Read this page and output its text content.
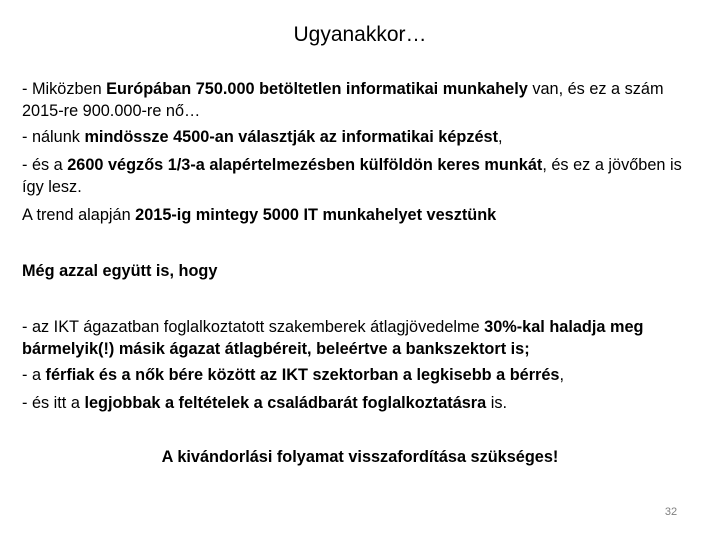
Ugyanakkor…
- Miközben Európában 750.000 betöltetlen informatikai munkahely van, és ez a szám 2015-re 900.000-re nő…
- nálunk mindössze 4500-an választják az informatikai képzést,
- és a 2600 végzős 1/3-a alapértelmezésben külföldön keres munkát, és ez a jövőben is így lesz.
A trend alapján 2015-ig mintegy 5000 IT munkahelyet vesztünk
Még azzal együtt is, hogy
- az IKT ágazatban foglalkoztatott szakemberek átlagjövedelme 30%-kal haladja meg bármelyik(!) másik ágazat átlagbéreit, beleértve a bankszektort is;
- a férfiak és a nők bére között az IKT szektorban a legkisebb a bérrés,
- és itt a legjobbak a feltételek a családbarát foglalkoztatásra is.
A kivándorlási folyamat visszafordítása szükséges!
32
